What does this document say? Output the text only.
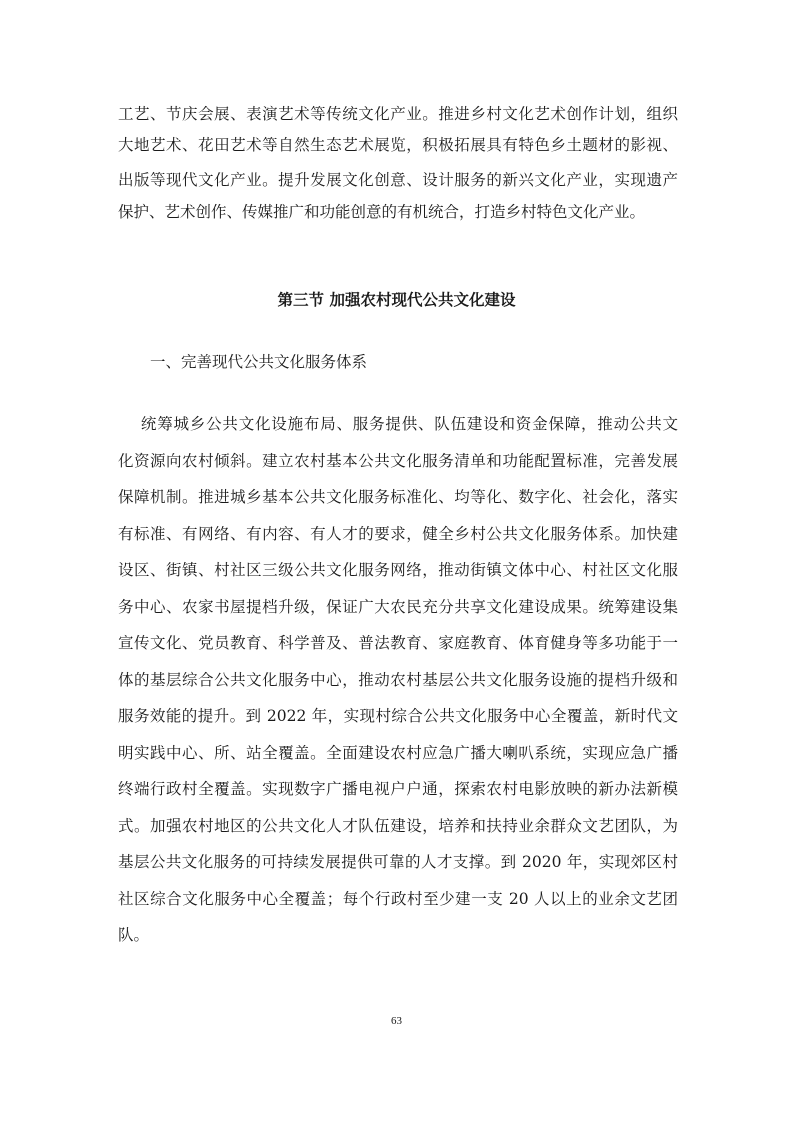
工艺、节庆会展、表演艺术等传统文化产业。推进乡村文化艺术创作计划，组织
大地艺术、花田艺术等自然生态艺术展览，积极拓展具有特色乡土题材的影视、
出版等现代文化产业。提升发展文化创意、设计服务的新兴文化产业，实现遗产
保护、艺术创作、传媒推广和功能创意的有机统合，打造乡村特色文化产业。
第三节 加强农村现代公共文化建设
一、完善现代公共文化服务体系
统筹城乡公共文化设施布局、服务提供、队伍建设和资金保障，推动公共文
化资源向农村倾斜。建立农村基本公共文化服务清单和功能配置标准，完善发展
保障机制。推进城乡基本公共文化服务标准化、均等化、数字化、社会化，落实
有标准、有网络、有内容、有人才的要求，健全乡村公共文化服务体系。加快建
设区、街镇、村社区三级公共文化服务网络，推动街镇文体中心、村社区文化服
务中心、农家书屋提档升级，保证广大农民充分共享文化建设成果。统筹建设集
宣传文化、党员教育、科学普及、普法教育、家庭教育、体育健身等多功能于一
体的基层综合公共文化服务中心，推动农村基层公共文化服务设施的提档升级和
服务效能的提升。到 2022 年，实现村综合公共文化服务中心全覆盖，新时代文
明实践中心、所、站全覆盖。全面建设农村应急广播大喇叭系统，实现应急广播
终端行政村全覆盖。实现数字广播电视户户通，探索农村电影放映的新办法新模
式。加强农村地区的公共文化人才队伍建设，培养和扶持业余群众文艺团队，为
基层公共文化服务的可持续发展提供可靠的人才支撑。到 2020 年，实现郊区村
社区综合文化服务中心全覆盖；每个行政村至少建一支 20 人以上的业余文艺团
队。
63
